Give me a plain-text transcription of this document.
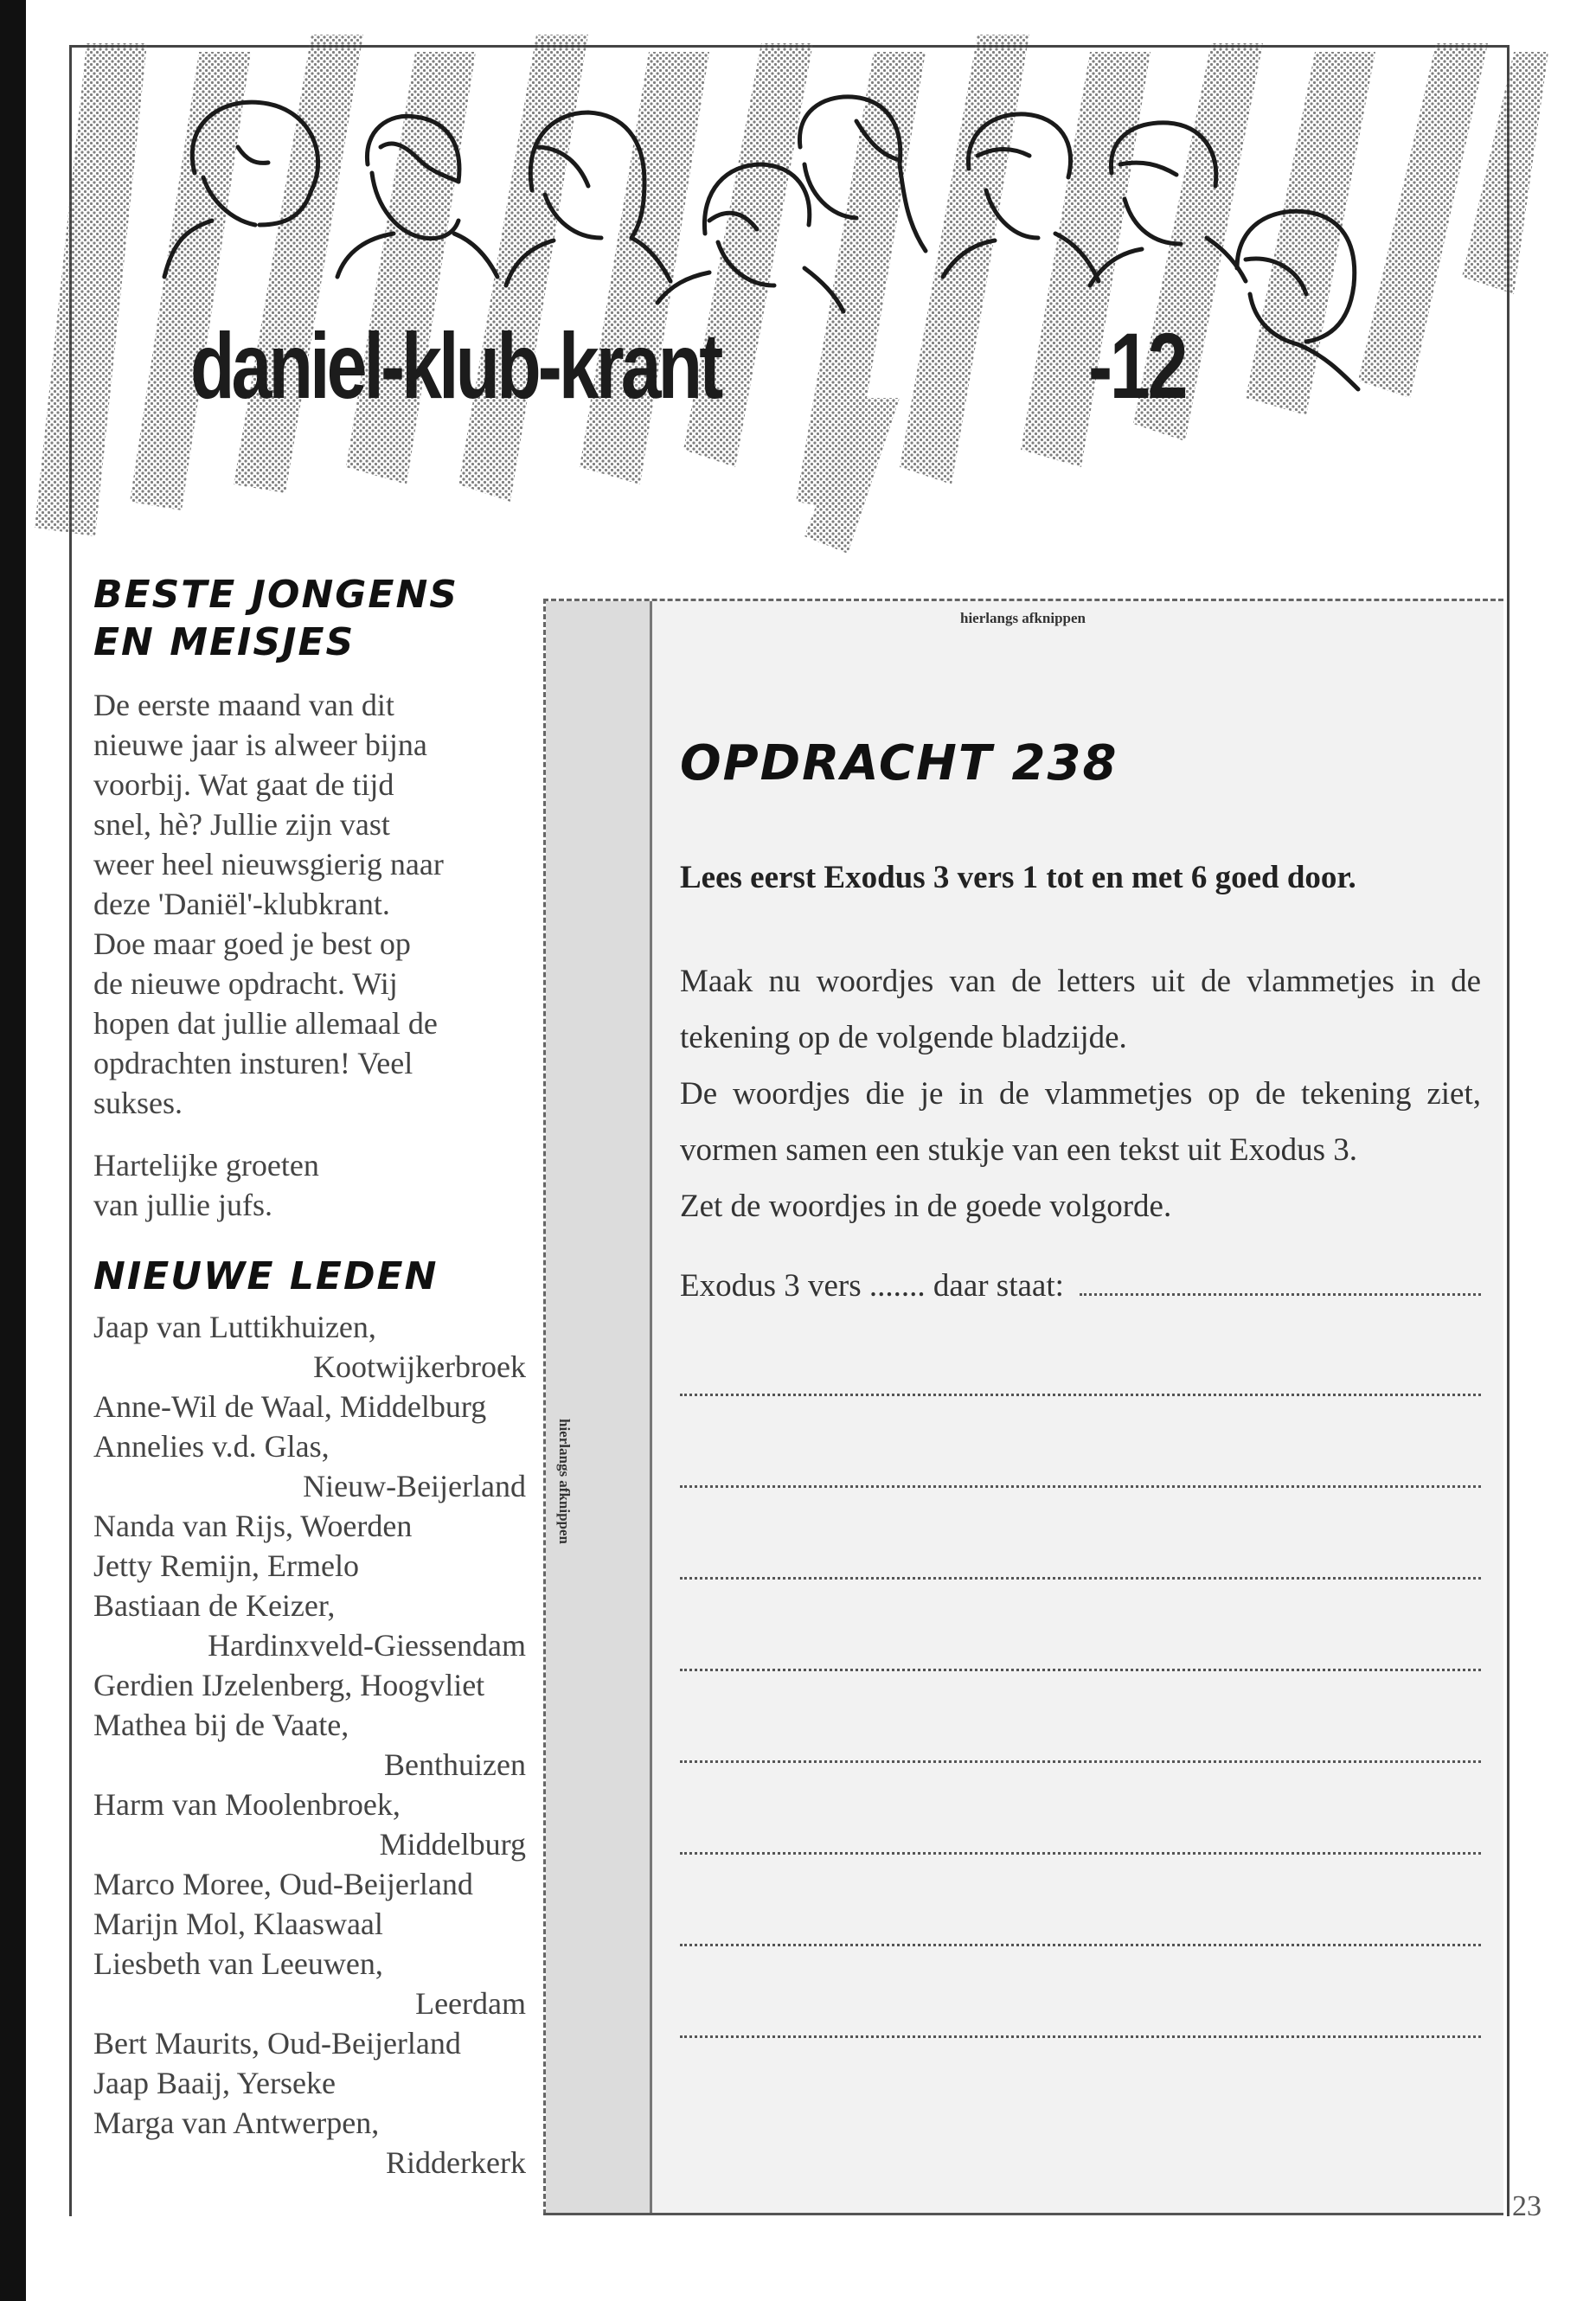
daniel-klub-krant	-12
BESTE JONGENS
EN MEISJES

De eerste maand van dit
nieuwe jaar is alweer bijna
voorbij. Wat gaat de tijd
snel, hè? Jullie zijn vast
weer heel nieuwsgierig naar
deze 'Daniël'-klubkrant.
Doe maar goed je best op
de nieuwe opdracht. Wij
hopen dat jullie allemaal de
opdrachten insturen! Veel
sukses.

Hartelijke groeten
van jullie jufs.

NIEUWE LEDEN
Jaap van Luttikhuizen,
Kootwijkerbroek
Anne-Wil de Waal, Middelburg
Annelies v.d. Glas,
Nieuw-Beijerland
Nanda van Rijs, Woerden
Jetty Remijn, Ermelo
Bastiaan de Keizer,
Hardinxveld-Giessendam
Gerdien IJzelenberg, Hoogvliet
Mathea bij de Vaate,
Benthuizen
Harm van Moolenbroek,
Middelburg
Marco Moree, Oud-Beijerland
Marijn Mol, Klaaswaal
Liesbeth van Leeuwen,
Leerdam
Bert Maurits, Oud-Beijerland
Jaap Baaij, Yerseke
Marga van Antwerpen,
Ridderkerk
hierlangs afknippen
hierlangs afknippen
OPDRACHT 238

Lees eerst Exodus 3 vers 1 tot en met 6 goed door.

Maak nu woordjes van de letters uit de vlammetjes in de tekening op de volgende bladzijde.

De woordjes die je in de vlammetjes op de tekening ziet, vormen samen een stukje van een tekst uit Exodus 3.

Zet de woordjes in de goede volgorde.

Exodus 3 vers ....... daar staat:
23
